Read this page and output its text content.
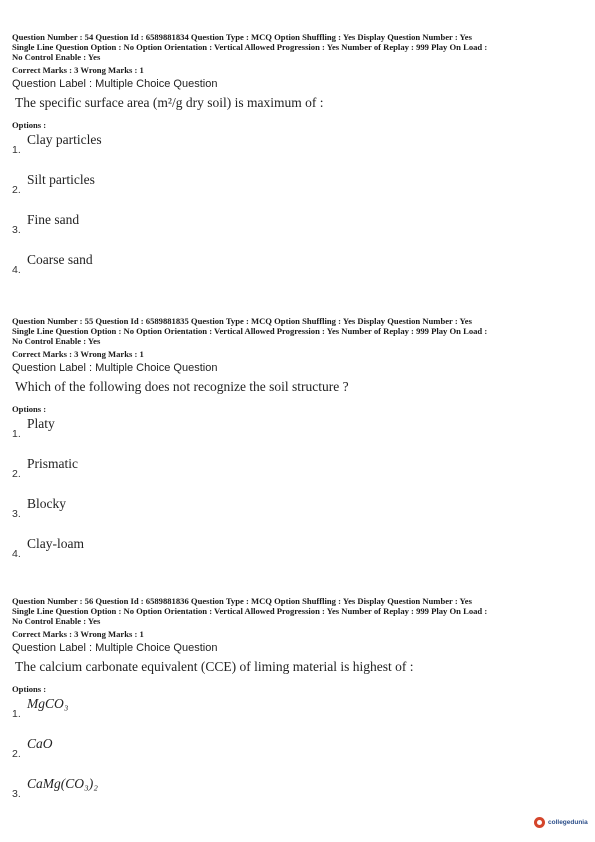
Question Number : 54 Question Id : 6589881834 Question Type : MCQ Option Shuffling : Yes Display Question Number : Yes
Single Line Question Option : No Option Orientation : Vertical Allowed Progression : Yes Number of Replay : 999 Play On Load :
No Control Enable : Yes
Correct Marks : 3 Wrong Marks : 1
Question Label : Multiple Choice Question
The specific surface area (m²/g dry soil) is maximum of :
Options :
1.
Clay particles
2.
Silt particles
3.
Fine sand
4.
Coarse sand
Question Number : 55 Question Id : 6589881835 Question Type : MCQ Option Shuffling : Yes Display Question Number : Yes
Single Line Question Option : No Option Orientation : Vertical Allowed Progression : Yes Number of Replay : 999 Play On Load :
No Control Enable : Yes
Correct Marks : 3 Wrong Marks : 1
Question Label : Multiple Choice Question
Which of the following does not recognize the soil structure ?
Options :
1.
Platy
2.
Prismatic
3.
Blocky
4.
Clay-loam
Question Number : 56 Question Id : 6589881836 Question Type : MCQ Option Shuffling : Yes Display Question Number : Yes
Single Line Question Option : No Option Orientation : Vertical Allowed Progression : Yes Number of Replay : 999 Play On Load :
No Control Enable : Yes
Correct Marks : 3 Wrong Marks : 1
Question Label : Multiple Choice Question
The calcium carbonate equivalent (CCE) of liming material is highest of :
Options :
1.
MgCO₃
2.
CaO
3.
CaMg(CO₃)₂
collegedunia
